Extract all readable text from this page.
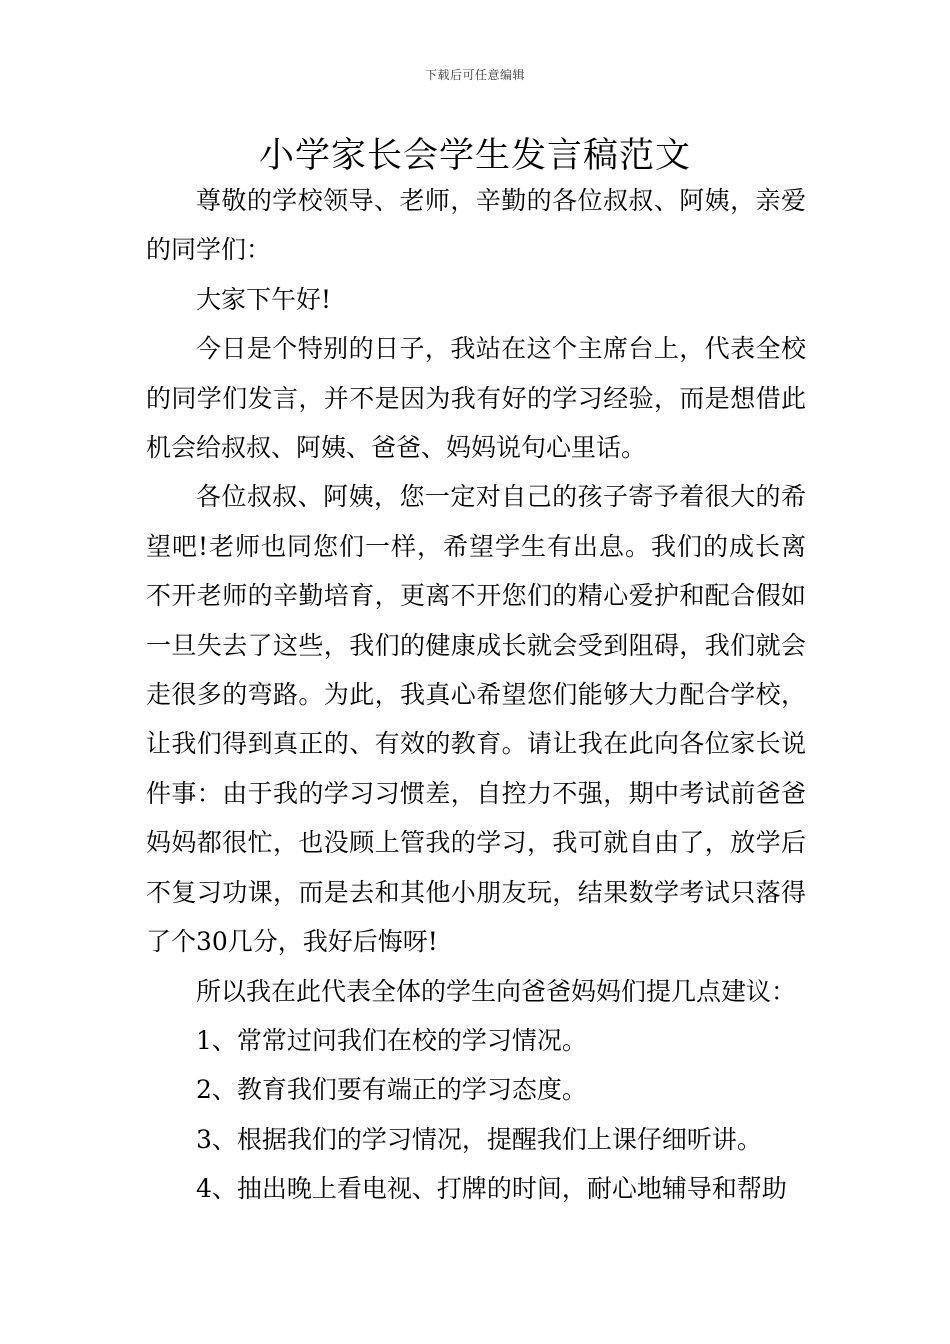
下载后可任意编辑
小学家长会学生发言稿范文

尊敬的学校领导、老师，辛勤的各位叔叔、阿姨，亲爱的同学们：

大家下午好!

今日是个特别的日子，我站在这个主席台上，代表全校的同学们发言，并不是因为我有好的学习经验，而是想借此机会给叔叔、阿姨、爸爸、妈妈说句心里话。

各位叔叔、阿姨，您一定对自己的孩子寄予着很大的希望吧!老师也同您们一样，希望学生有出息。我们的成长离不开老师的辛勤培育，更离不开您们的精心爱护和配合假如一旦失去了这些，我们的健康成长就会受到阻碍，我们就会走很多的弯路。为此，我真心希望您们能够大力配合学校，让我们得到真正的、有效的教育。请让我在此向各位家长说件事：由于我的学习习惯差，自控力不强，期中考试前爸爸妈妈都很忙，也没顾上管我的学习，我可就自由了，放学后不复习功课，而是去和其他小朋友玩，结果数学考试只落得了个30几分，我好后悔呀!

所以我在此代表全体的学生向爸爸妈妈们提几点建议：

1、常常过问我们在校的学习情况。

2、教育我们要有端正的学习态度。

3、根据我们的学习情况，提醒我们上课仔细听讲。

4、抽出晚上看电视、打牌的时间，耐心地辅导和帮助
